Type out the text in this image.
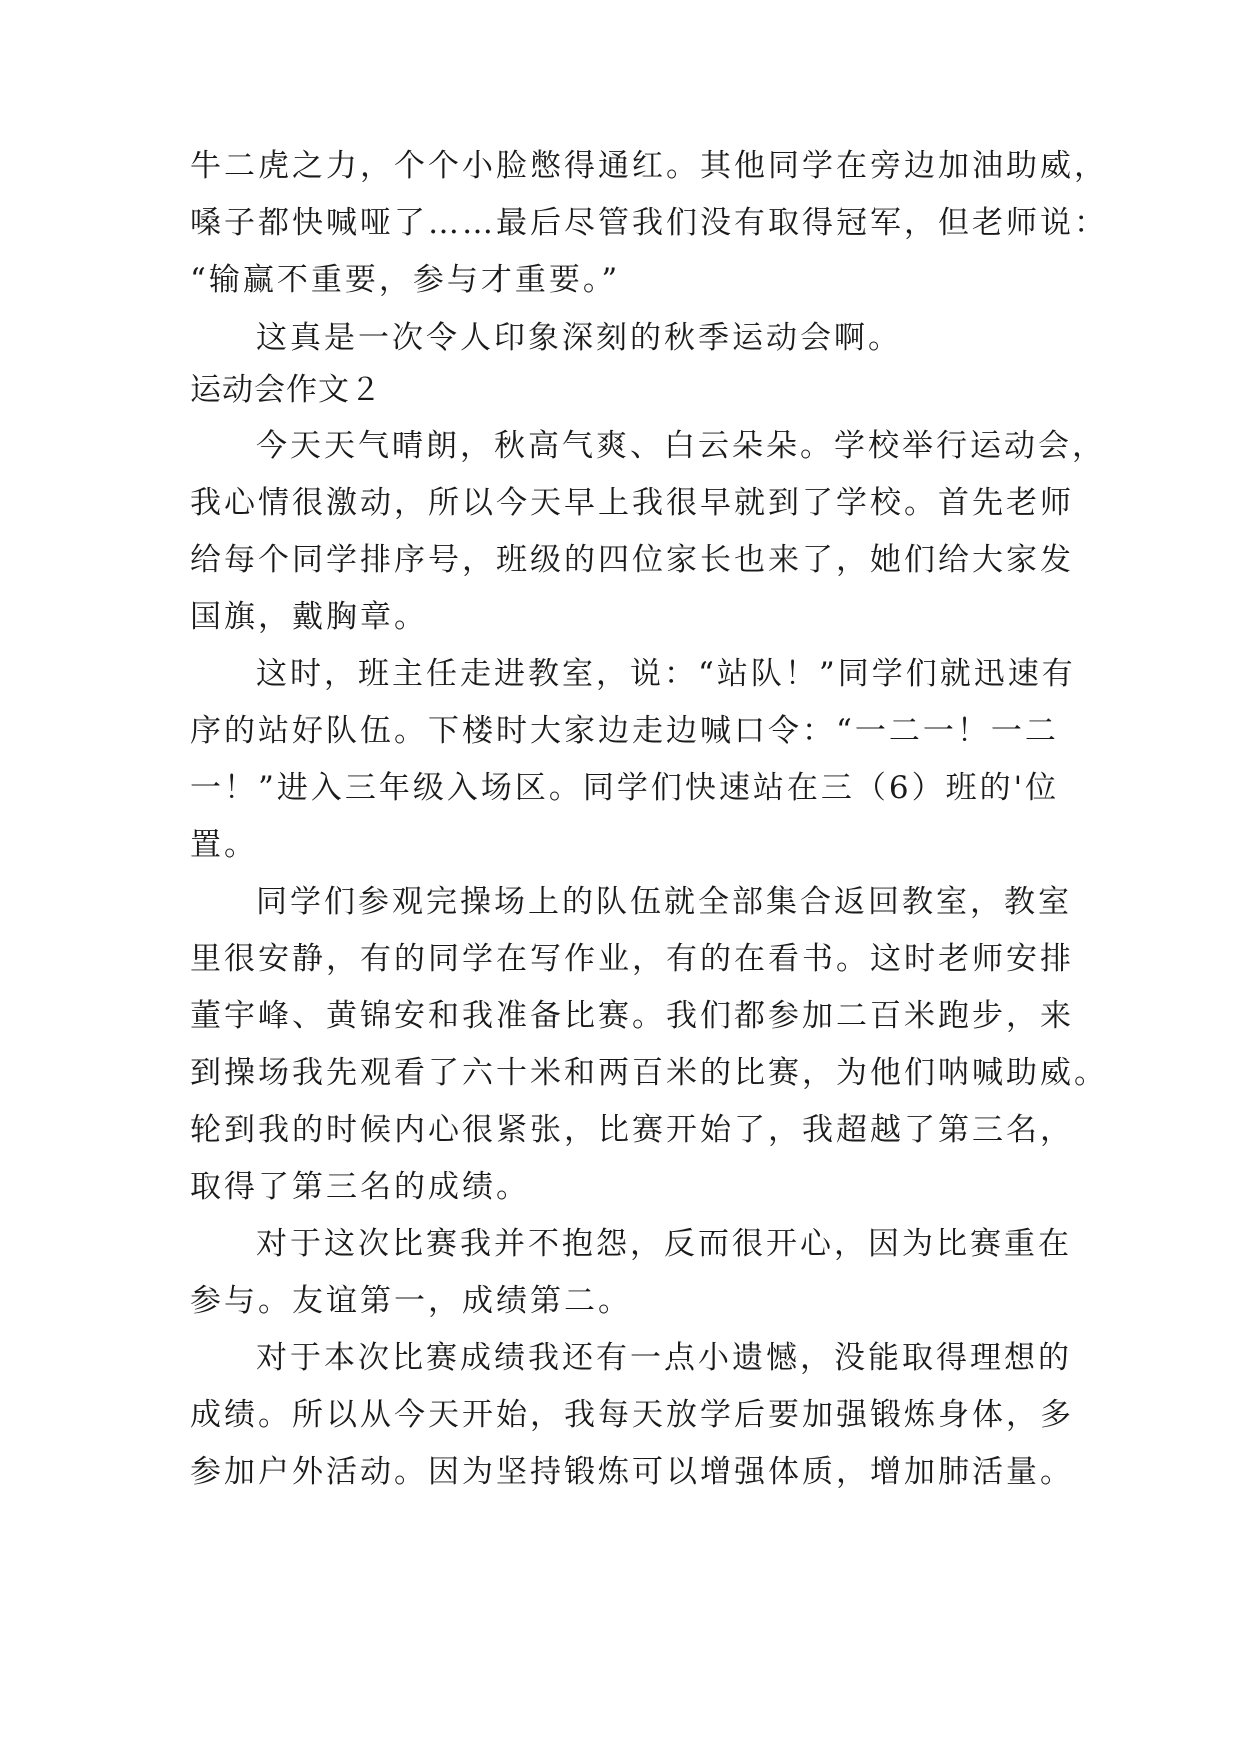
牛二虎之力，个个小脸憋得通红。其他同学在旁边加油助威，
嗓子都快喊哑了……最后尽管我们没有取得冠军，但老师说：
“输赢不重要，参与才重要。”
这真是一次令人印象深刻的秋季运动会啊。
运动会作文２
今天天气晴朗，秋高气爽、白云朵朵。学校举行运动会，
我心情很激动，所以今天早上我很早就到了学校。首先老师
给每个同学排序号，班级的四位家长也来了，她们给大家发
国旗，戴胸章。
这时，班主任走进教室，说：“站队！”同学们就迅速有
序的站好队伍。下楼时大家边走边喊口令：“一二一！一二
一！”进入三年级入场区。同学们快速站在三（6）班的'位
置。
同学们参观完操场上的队伍就全部集合返回教室，教室
里很安静，有的同学在写作业，有的在看书。这时老师安排
董宇峰、黄锦安和我准备比赛。我们都参加二百米跑步，来
到操场我先观看了六十米和两百米的比赛，为他们呐喊助威。
轮到我的时候内心很紧张，比赛开始了，我超越了第三名，
取得了第三名的成绩。
对于这次比赛我并不抱怨，反而很开心，因为比赛重在
参与。友谊第一，成绩第二。
对于本次比赛成绩我还有一点小遗憾，没能取得理想的
成绩。所以从今天开始，我每天放学后要加强锻炼身体，多
参加户外活动。因为坚持锻炼可以增强体质，增加肺活量。
